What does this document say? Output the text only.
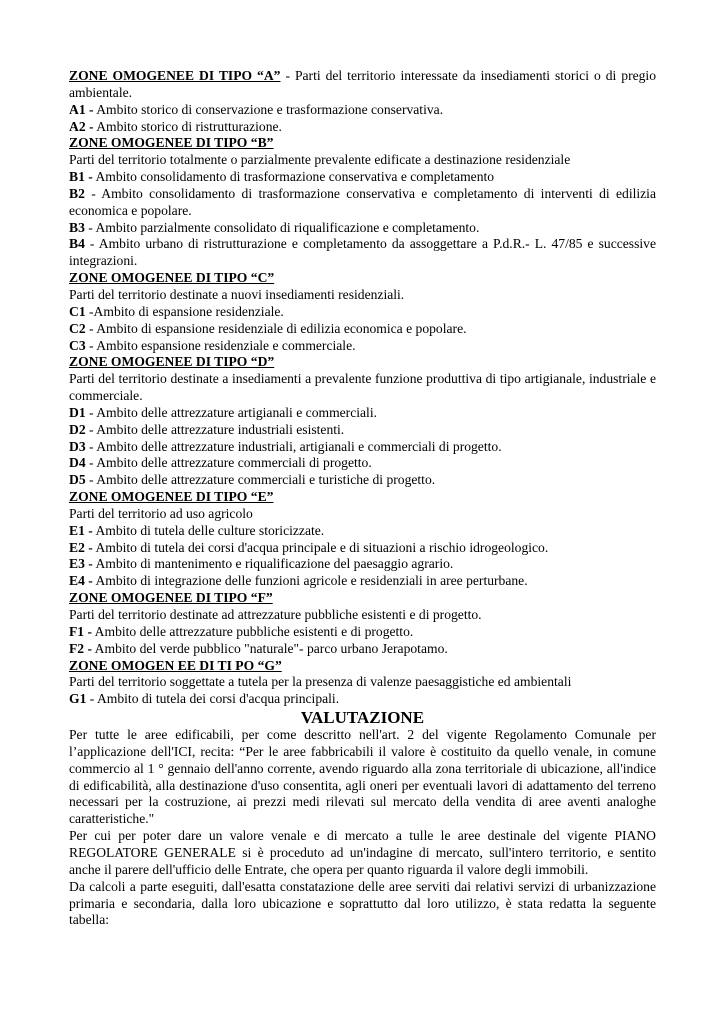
ZONE OMOGENEE DI TIPO “A” - Parti del territorio interessate da insediamenti storici o di pregio ambientale.

A1 - Ambito storico di conservazione e trasformazione conservativa.

A2 - Ambito storico di ristrutturazione.

ZONE OMOGENEE DI TIPO “B”

Parti del territorio totalmente o parzialmente prevalente edificate a destinazione residenziale

B1 - Ambito consolidamento di trasformazione conservativa e completamento

B2 - Ambito consolidamento di trasformazione conservativa e completamento di interventi di edilizia economica e popolare.

B3 - Ambito parzialmente consolidato di riqualificazione e completamento.

B4 - Ambito urbano di ristrutturazione e completamento da assoggettare a P.d.R.- L. 47/85 e successive integrazioni.

ZONE OMOGENEE DI TIPO “C”

Parti del territorio destinate a nuovi insediamenti residenziali.

C1 -Ambito di espansione residenziale.

C2 - Ambito di espansione residenziale di edilizia economica e popolare.

C3 - Ambito espansione residenziale e commerciale.

ZONE OMOGENEE DI TIPO “D”

Parti del territorio destinate a insediamenti a prevalente funzione produttiva di tipo artigianale, industriale e commerciale.

D1 - Ambito delle attrezzature artigianali e commerciali.

D2 - Ambito delle attrezzature industriali esistenti.

D3 - Ambito delle attrezzature industriali, artigianali e commerciali di progetto.

D4 - Ambito delle attrezzature commerciali di progetto.

D5 - Ambito delle attrezzature commerciali e turistiche di progetto.

ZONE OMOGENEE DI TIPO “E”

Parti del territorio ad uso agricolo

E1 - Ambito di tutela delle culture storicizzate.

E2 - Ambito di tutela dei corsi d'acqua principale e di situazioni a rischio idrogeologico.

E3 - Ambito di mantenimento e riqualificazione del paesaggio agrario.

E4 - Ambito di integrazione delle funzioni agricole e residenziali in aree perturbane.

ZONE OMOGENEE DI TIPO “F”

Parti del territorio destinate ad attrezzature pubbliche esistenti e di progetto.

F1 - Ambito delle attrezzature pubbliche esistenti e di progetto.

F2 - Ambito del verde pubblico "naturale"- parco urbano Jerapotamo.

ZONE OMOGEN EE DI TI PO “G”

Parti del territorio soggettate a tutela per la presenza di valenze paesaggistiche ed ambientali

G1 - Ambito di tutela dei corsi d'acqua principali.

VALUTAZIONE

Per tutte le aree edificabili, per come descritto nell'art. 2 del vigente Regolamento Comunale per l’applicazione dell'ICI, recita: “Per le aree fabbricabili il valore è costituito da quello venale, in comune commercio al 1 ° gennaio dell'anno corrente, avendo riguardo alla zona territoriale di ubicazione, all'indice di edificabilità, alla destinazione d'uso consentita, agli oneri per eventuali lavori di adattamento del terreno necessari per la costruzione, ai prezzi medi rilevati sul mercato della vendita di aree aventi analoghe caratteristiche."

Per cui per poter dare un valore venale e di mercato a tulle le aree destinale del vigente PIANO REGOLATORE GENERALE si è proceduto ad un'indagine di mercato, sull'intero territorio, e sentito anche il parere dell'ufficio delle Entrate, che opera per quanto riguarda il valore degli immobili.

Da calcoli a parte eseguiti, dall'esatta constatazione delle aree serviti dai relativi servizi di urbanizzazione primaria e secondaria, dalla loro ubicazione e soprattutto dal loro utilizzo, è stata redatta la seguente tabella:
